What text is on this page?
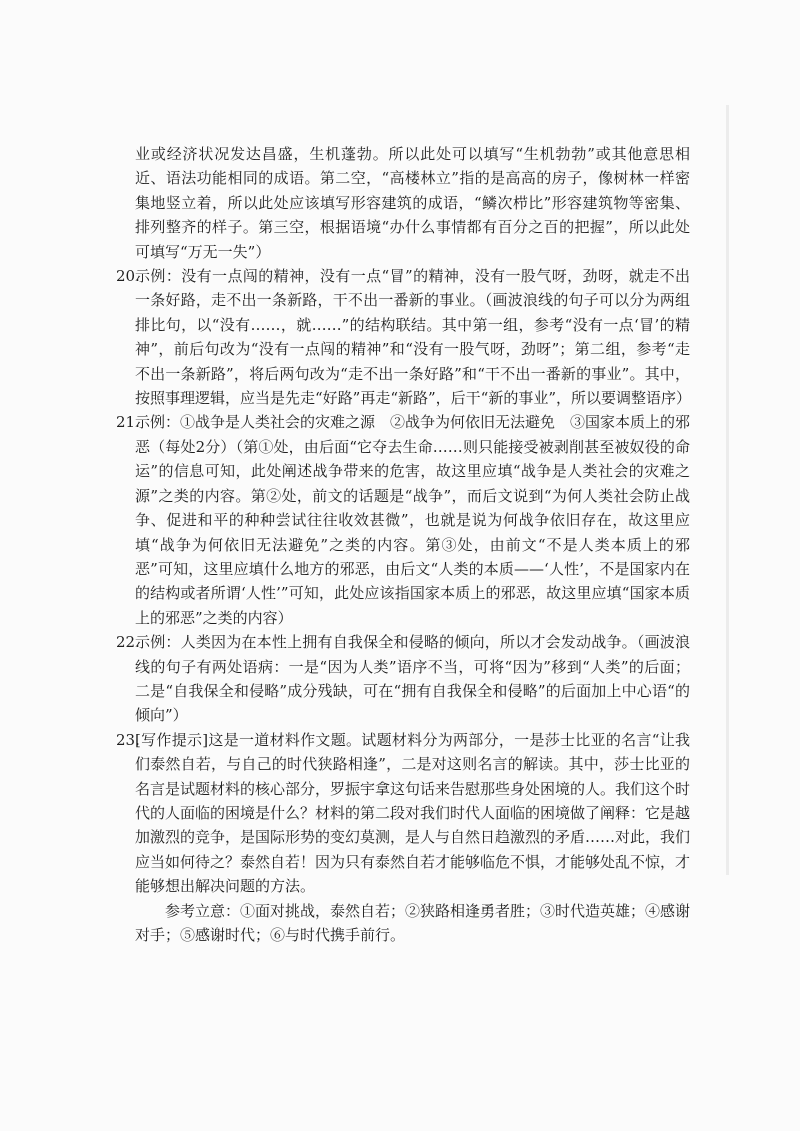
业或经济状况发达昌盛，生机蓬勃。所以此处可以填写“生机勃勃”或其他意思相近、语法功能相同的成语。第二空，“高楼林立”指的是高高的房子，像树林一样密集地竖立着，所以此处应该填写形容建筑的成语，“鳞次栉比”形容建筑物等密集、排列整齐的样子。第三空，根据语境“办什么事情都有百分之百的把握”，所以此处可填写“万无一失”）
20.
示例：没有一点闯的精神，没有一点“冒”的精神，没有一股气呀，劲呀，就走不出一条好路，走不出一条新路，干不出一番新的事业。（画波浪线的句子可以分为两组排比句，以“没有……，就……”的结构联结。其中第一组，参考“没有一点‘冒’的精神”，前后句改为“没有一点闯的精神”和“没有一股气呀，劲呀”；第二组，参考“走不出一条新路”，将后两句改为“走不出一条好路”和“干不出一番新的事业”。其中，按照事理逻辑，应当是先走“好路”再走“新路”，后干“新的事业”，所以要调整语序）
21.
示例：①战争是人类社会的灾难之源　②战争为何依旧无法避免　③国家本质上的邪恶（每处2分）（第①处，由后面“它夺去生命……则只能接受被剥削甚至被奴役的命运”的信息可知，此处阐述战争带来的危害，故这里应填“战争是人类社会的灾难之源”之类的内容。第②处，前文的话题是“战争”，而后文说到“为何人类社会防止战争、促进和平的种种尝试往往收效甚微”，也就是说为何战争依旧存在，故这里应填“战争为何依旧无法避免”之类的内容。第③处，由前文“不是人类本质上的邪恶”可知，这里应填什么地方的邪恶，由后文“人类的本质——‘人性’，不是国家内在的结构或者所谓‘人性’”可知，此处应该指国家本质上的邪恶，故这里应填“国家本质上的邪恶”之类的内容）
22.
示例：人类因为在本性上拥有自我保全和侵略的倾向，所以才会发动战争。（画波浪线的句子有两处语病：一是“因为人类”语序不当，可将“因为”移到“人类”的后面；二是“自我保全和侵略”成分残缺，可在“拥有自我保全和侵略”的后面加上中心语“的倾向”）
23.
[写作提示]这是一道材料作文题。试题材料分为两部分，一是莎士比亚的名言“让我们泰然自若，与自己的时代狭路相逢”，二是对这则名言的解读。其中，莎士比亚的名言是试题材料的核心部分，罗振宇拿这句话来告慰那些身处困境的人。我们这个时代的人面临的困境是什么？材料的第二段对我们时代人面临的困境做了阐释：它是越加激烈的竞争，是国际形势的变幻莫测，是人与自然日趋激烈的矛盾……对此，我们应当如何待之？泰然自若！因为只有泰然自若才能够临危不惧，才能够处乱不惊，才能够想出解决问题的方法。
参考立意：①面对挑战，泰然自若；②狭路相逢勇者胜；③时代造英雄；④感谢对手；⑤感谢时代；⑥与时代携手前行。
